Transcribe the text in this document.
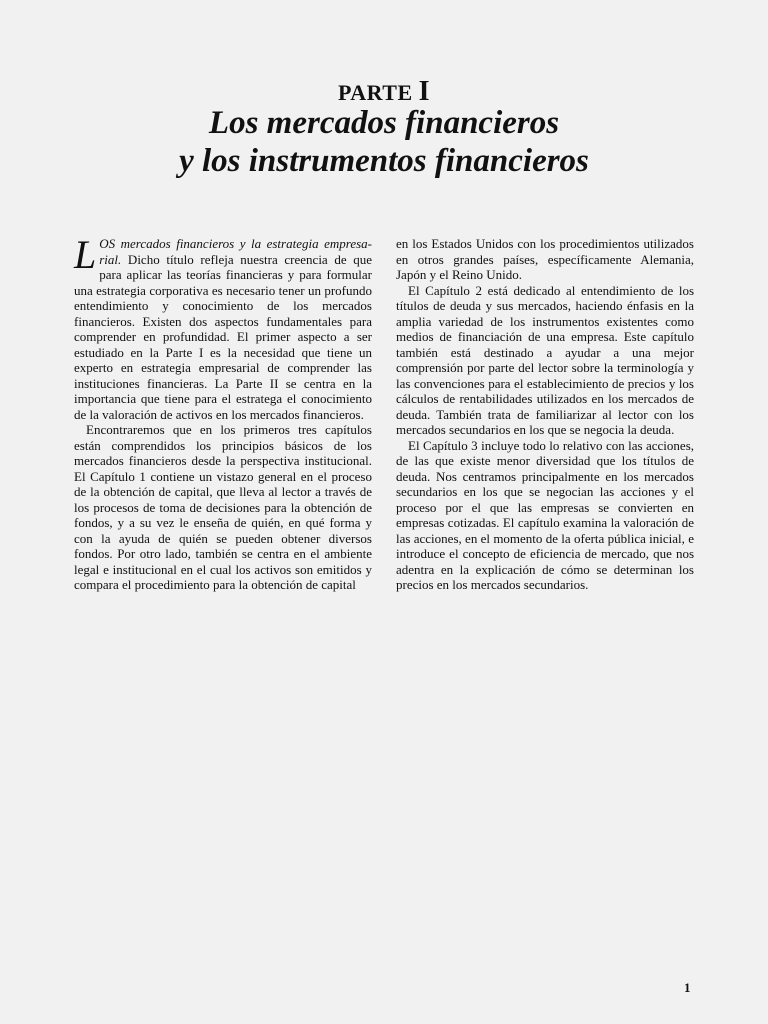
PARTE I
Los mercados financieros
y los instrumentos financieros

LOS mercados financieros y la estrategia empresa-rial. Dicho título refleja nuestra creencia de que para aplicar las teorías financieras y para formular una estrategia corporativa es necesario tener un profundo entendimiento y conocimiento de los mercados financieros. Existen dos aspectos fundamentales para comprender en profundidad. El primer aspecto a ser estudiado en la Parte I es la necesidad que tiene un experto en estrategia empresarial de comprender las instituciones financieras. La Parte II se centra en la importancia que tiene para el estratega el conocimiento de la valoración de activos en los mercados financieros.

Encontraremos que en los primeros tres capítulos están comprendidos los principios básicos de los mercados financieros desde la perspectiva institucional. El Capítulo 1 contiene un vistazo general en el proceso de la obtención de capital, que lleva al lector a través de los procesos de toma de decisiones para la obtención de fondos, y a su vez le enseña de quién, en qué forma y con la ayuda de quién se pueden obtener diversos fondos. Por otro lado, también se centra en el ambiente legal e institucional en el cual los activos son emitidos y compara el procedimiento para la obtención de capital

en los Estados Unidos con los procedimientos utilizados en otros grandes países, específicamente Alemania, Japón y el Reino Unido.

El Capítulo 2 está dedicado al entendimiento de los títulos de deuda y sus mercados, haciendo énfasis en la amplia variedad de los instrumentos existentes como medios de financiación de una empresa. Este capítulo también está destinado a ayudar a una mejor comprensión por parte del lector sobre la terminología y las convenciones para el establecimiento de precios y los cálculos de rentabilidades utilizados en los mercados de deuda. También trata de familiarizar al lector con los mercados secundarios en los que se negocia la deuda.

El Capítulo 3 incluye todo lo relativo con las acciones, de las que existe menor diversidad que los títulos de deuda. Nos centramos principalmente en los mercados secundarios en los que se negocian las acciones y el proceso por el que las empresas se convierten en empresas cotizadas. El capítulo examina la valoración de las acciones, en el momento de la oferta pública inicial, e introduce el concepto de eficiencia de mercado, que nos adentra en la explicación de cómo se determinan los precios en los mercados secundarios.

1
